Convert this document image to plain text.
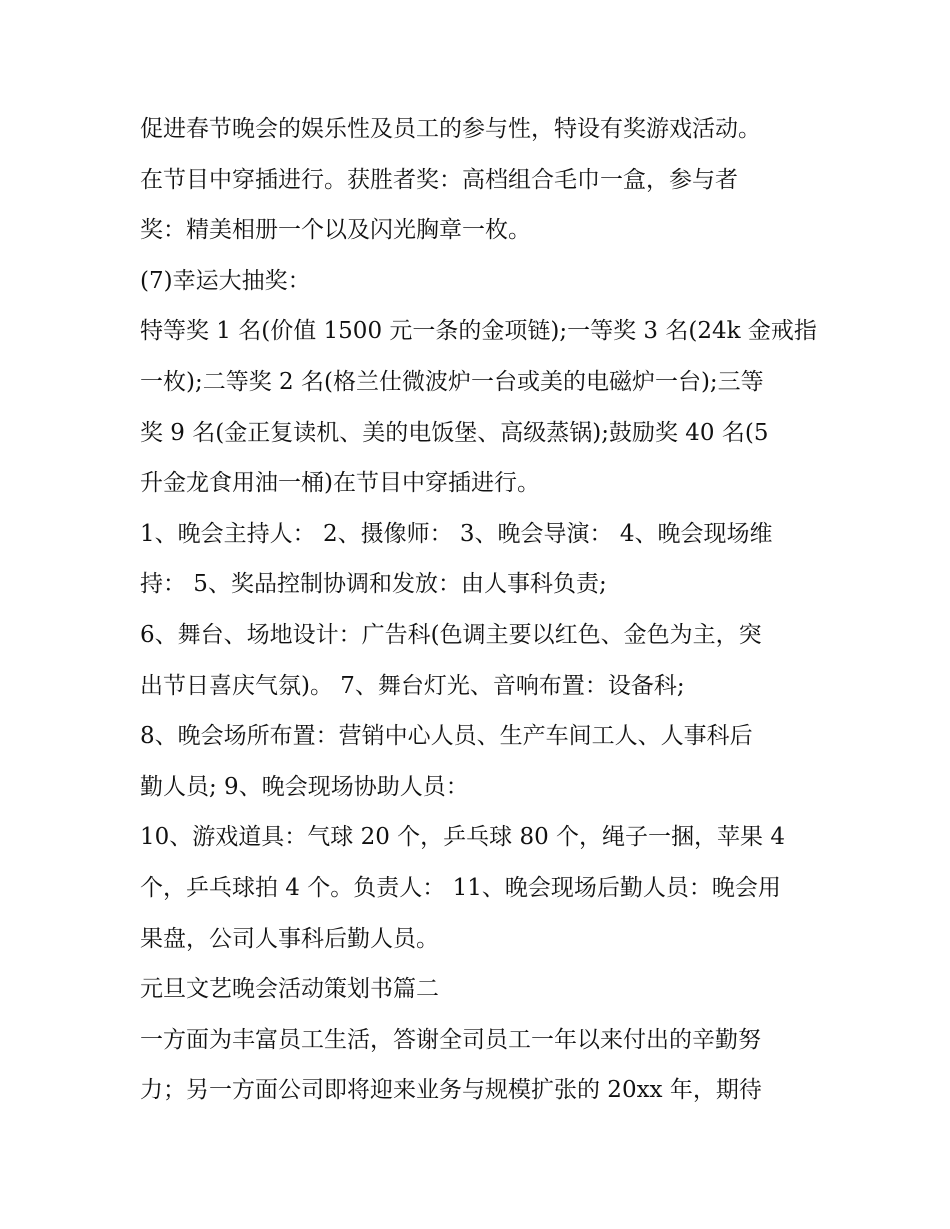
促进春节晚会的娱乐性及员工的参与性，特设有奖游戏活动。
在节目中穿插进行。获胜者奖：高档组合毛巾一盒，参与者
奖：精美相册一个以及闪光胸章一枚。
(7)幸运大抽奖：
特等奖 1 名(价值 1500 元一条的金项链);一等奖 3 名(24k 金戒指
一枚);二等奖 2 名(格兰仕微波炉一台或美的电磁炉一台);三等
奖 9 名(金正复读机、美的电饭堡、高级蒸锅);鼓励奖 40 名(5
升金龙食用油一桶)在节目中穿插进行。
1、晚会主持人： 2、摄像师： 3、晚会导演： 4、晚会现场维
持： 5、奖品控制协调和发放：由人事科负责;
6、舞台、场地设计：广告科(色调主要以红色、金色为主，突
出节日喜庆气氛)。 7、舞台灯光、音响布置：设备科;
8、晚会场所布置：营销中心人员、生产车间工人、人事科后
勤人员; 9、晚会现场协助人员：
10、游戏道具：气球 20 个，乒乓球 80 个，绳子一捆，苹果 4
个，乒乓球拍 4 个。负责人： 11、晚会现场后勤人员：晚会用
果盘，公司人事科后勤人员。
元旦文艺晚会活动策划书篇二
一方面为丰富员工生活，答谢全司员工一年以来付出的辛勤努
力；另一方面公司即将迎来业务与规模扩张的 20xx 年，期待
